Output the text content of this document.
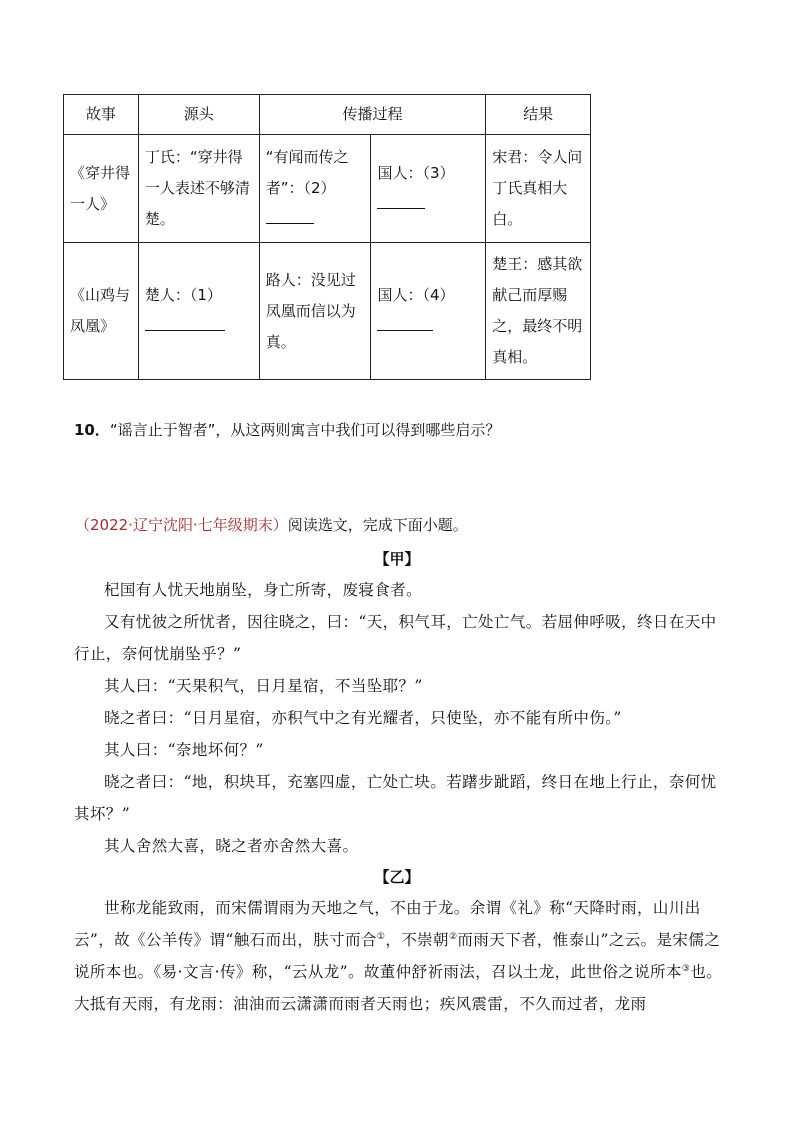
故事	源头	传播过程		结果
《穿井得一人》	丁氏：“穿井得一人表述不够清楚。	“有闻而传之者”：（2）	国人：（3）	宋君：令人问丁氏真相大白。
《山鸡与凤凰》	楚人：（1）	路人：没见过凤凰而信以为真。	国人：（4）	楚王：感其欲献己而厚赐之，最终不明真相。
10．“谣言止于智者”，从这两则寓言中我们可以得到哪些启示？
（2022·辽宁沈阳·七年级期末）阅读选文，完成下面小题。
【甲】
杞国有人忧天地崩坠，身亡所寄，废寝食者。
又有忧彼之所忧者，因往晓之，曰：“天，积气耳，亡处亡气。若屈伸呼吸，终日在天中行止，奈何忧崩坠乎？”
其人曰：“天果积气，日月星宿，不当坠耶？”
晓之者曰：“日月星宿，亦积气中之有光耀者，只使坠，亦不能有所中伤。”
其人曰：“奈地坏何？”
晓之者曰：“地，积块耳，充塞四虚，亡处亡块。若躇步跐蹈，终日在地上行止，奈何忧其坏？”
其人舍然大喜，晓之者亦舍然大喜。
【乙】
世称龙能致雨，而宋儒谓雨为天地之气，不由于龙。余谓《礼》称“天降时雨，山川出云”，故《公羊传》谓“触石而出，肤寸而合①，不崇朝②而雨天下者，惟泰山”之云。是宋儒之说所本也。《易·文言·传》称，“云从龙”。故董仲舒祈雨法，召以土龙，此世俗之说所本③也。大抵有天雨，有龙雨：油油而云潇潇而雨者天雨也；疾风震雷，不久而过者，龙雨
